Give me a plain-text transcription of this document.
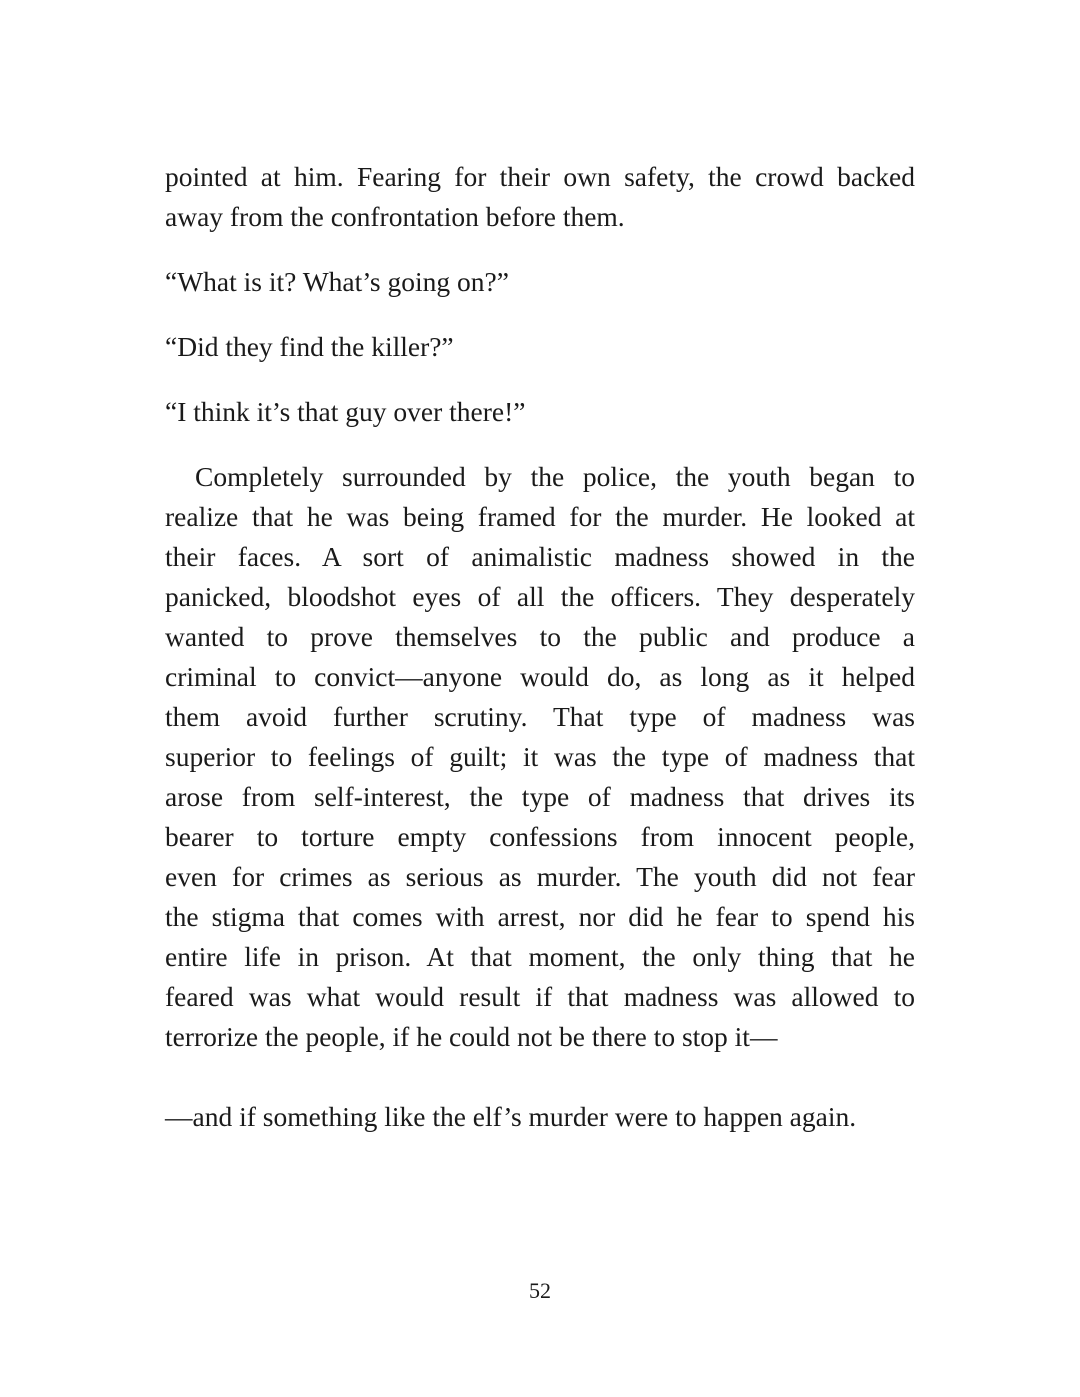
pointed at him. Fearing for their own safety, the crowd backed
away from the confrontation before them.
“What is it? What’s going on?”
“Did they find the killer?”
“I think it’s that guy over there!”
Completely surrounded by the police, the youth began to
realize that he was being framed for the murder. He looked at
their faces. A sort of animalistic madness showed in the
panicked, bloodshot eyes of all the officers. They desperately
wanted to prove themselves to the public and produce a
criminal to convict—anyone would do, as long as it helped
them avoid further scrutiny. That type of madness was
superior to feelings of guilt; it was the type of madness that
arose from self-interest, the type of madness that drives its
bearer to torture empty confessions from innocent people,
even for crimes as serious as murder. The youth did not fear
the stigma that comes with arrest, nor did he fear to spend his
entire life in prison. At that moment, the only thing that he
feared was what would result if that madness was allowed to
terrorize the people, if he could not be there to stop it—
—and if something like the elf’s murder were to happen again.
52
